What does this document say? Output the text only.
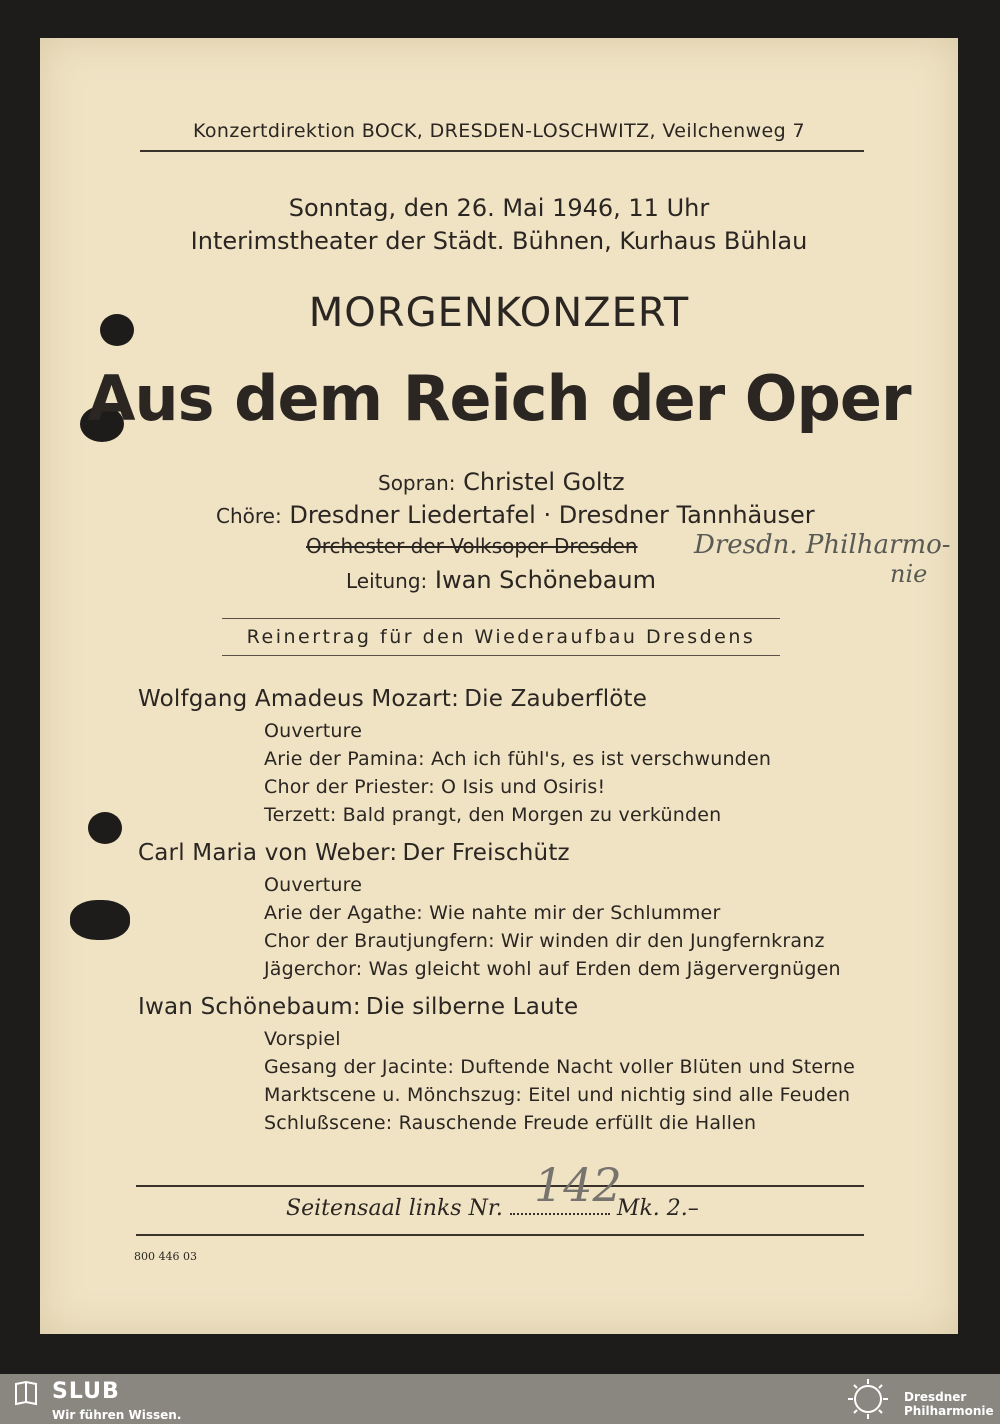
Konzertdirektion BOCK, DRESDEN-LOSCHWITZ, Veilchenweg 7
Sonntag, den 26. Mai 1946, 11 Uhr
Interimstheater der Städt. Bühnen, Kurhaus Bühlau
MORGENKONZERT
Aus dem Reich der Oper
Sopran: Christel Goltz
Chöre: Dresdner Liedertafel · Dresdner Tannhäuser
Orchester der Volksoper Dresden Dresdn. Philharmo-
nie
Leitung: Iwan Schönebaum
Reinertrag für den Wiederaufbau Dresdens
Wolfgang Amadeus Mozart: Die Zauberflöte
Ouverture
Arie der Pamina: Ach ich fühl's, es ist verschwunden
Chor der Priester: O Isis und Osiris!
Terzett: Bald prangt, den Morgen zu verkünden
Carl Maria von Weber: Der Freischütz
Ouverture
Arie der Agathe: Wie nahte mir der Schlummer
Chor der Brautjungfern: Wir winden dir den Jungfernkranz
Jägerchor: Was gleicht wohl auf Erden dem Jägervergnügen
Iwan Schönebaum: Die silberne Laute
Vorspiel
Gesang der Jacinte: Duftende Nacht voller Blüten und Sterne
Marktscene u. Mönchszug: Eitel und nichtig sind alle Feuden
Schlußscene: Rauschende Freude erfüllt die Hallen
Seitensaal links Nr.	Mk. 2.–
142
800 446 03
SLUB
Wir führen Wissen.
Dresdner
Philharmonie
